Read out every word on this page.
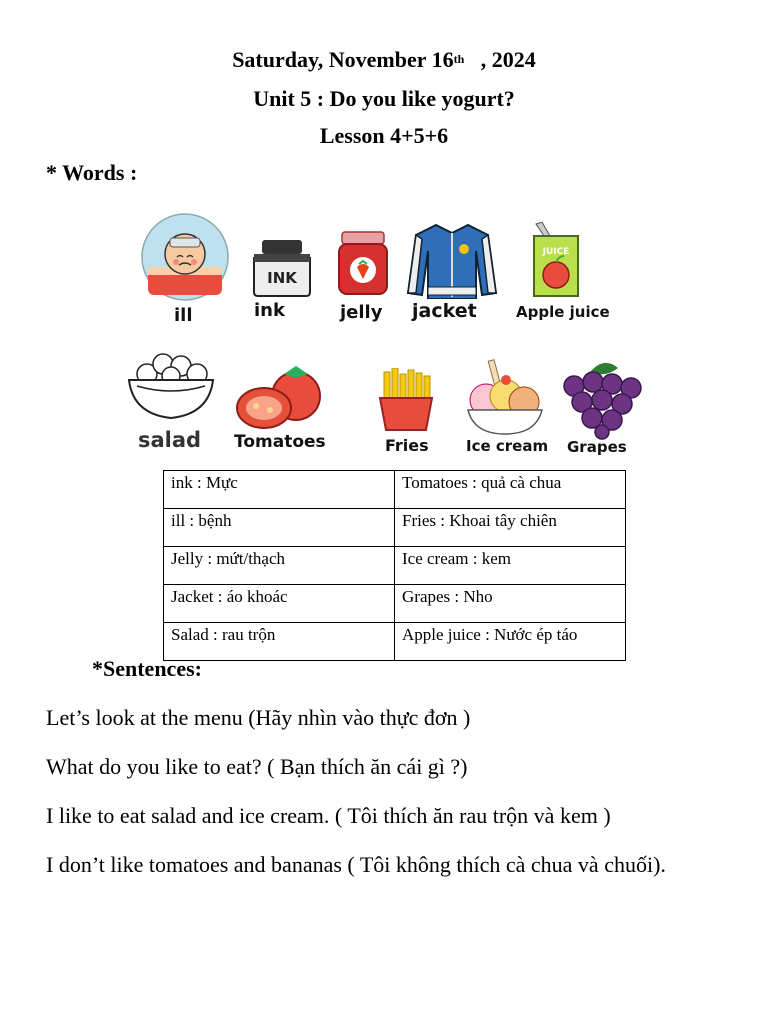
Saturday, November 16th , 2024
Unit 5 : Do you like yogurt?
Lesson 4+5+6
* Words :
ill
INK
ink	jelly jacket
JUICE
Apple juice
salad Tomatoes	Fries Ice cream Grapes
ink : Mực	Tomatoes : quả cà chua
ill : bệnh	Fries : Khoai tây chiên
Jelly : mứt/thạch	Ice cream : kem
Jacket : áo khoác	Grapes : Nho
Salad : rau trộn	Apple juice : Nước ép táo
*Sentences:
Let’s look at the menu (Hãy nhìn vào thực đơn )
What do you like to eat? ( Bạn thích ăn cái gì ?)
I like to eat salad and ice cream. ( Tôi thích ăn rau trộn và kem )
I don’t like tomatoes and bananas ( Tôi không thích cà chua và chuối).
